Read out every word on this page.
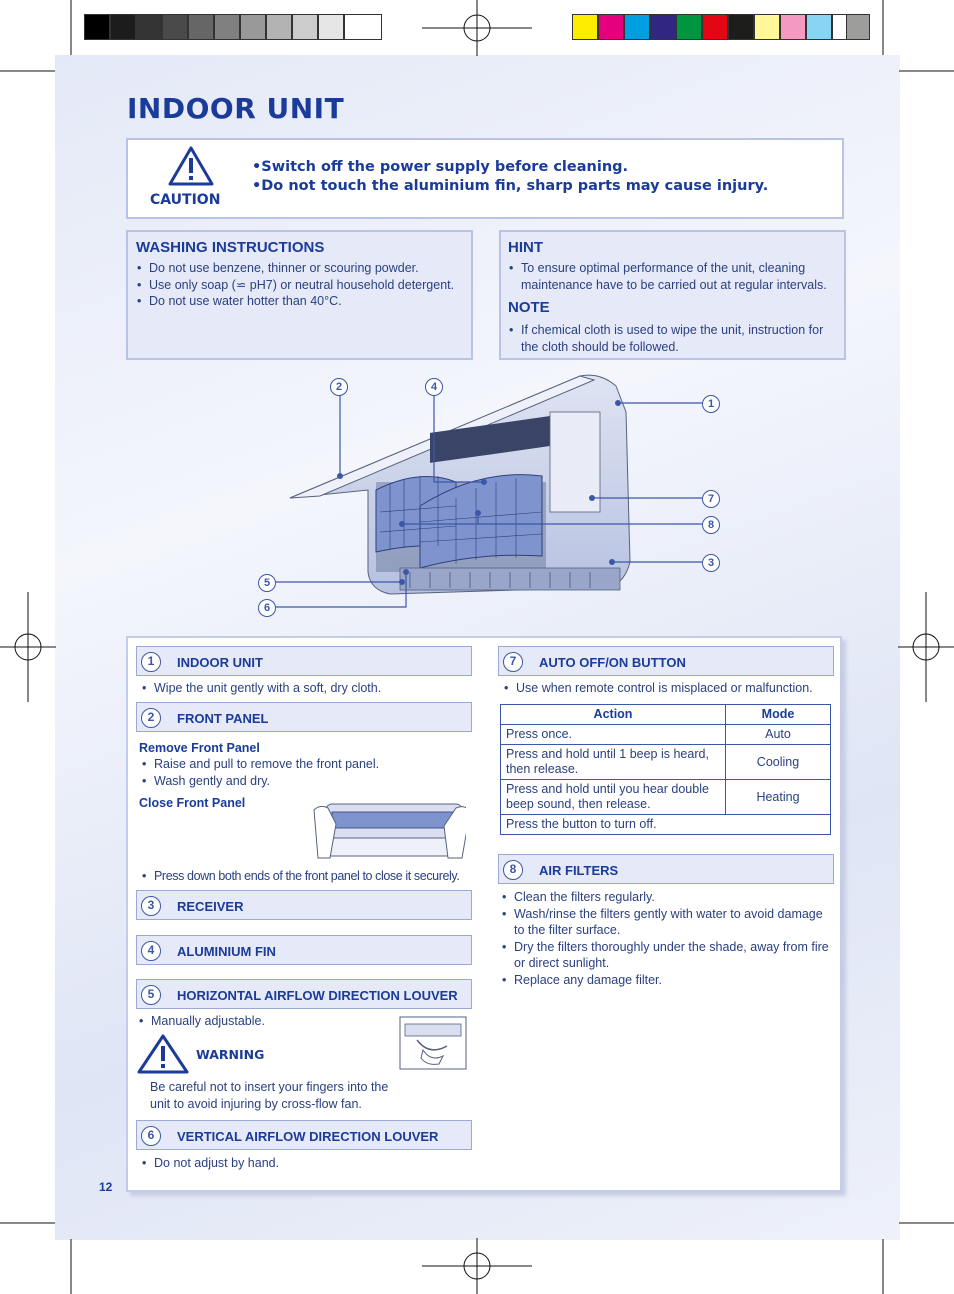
INDOOR UNIT
CAUTION
•Switch off the power supply before cleaning.
•Do not touch the aluminium fin, sharp parts may cause injury.
WASHING INSTRUCTIONS
• Do not use benzene, thinner or scouring powder.
• Use only soap (⋍ pH7) or neutral household detergent.
• Do not use water hotter than 40°C.
HINT
• To ensure optimal performance of the unit, cleaning maintenance have to be carried out at regular intervals.
NOTE
• If chemical cloth is used to wipe the unit, instruction for the cloth should be followed.
2	4
1
7
8
3
5
6
1	INDOOR UNIT
• Wipe the unit gently with a soft, dry cloth.
2	FRONT PANEL
Remove Front Panel
• Raise and pull to remove the front panel.
• Wash gently and dry.
Close Front Panel
• Press down both ends of the front panel to close it securely.
3	RECEIVER
4	ALUMINIUM FIN
5	HORIZONTAL AIRFLOW DIRECTION LOUVER
• Manually adjustable.
WARNING
Be careful not to insert your fingers into the unit to avoid injuring by cross-flow fan.
6	VERTICAL AIRFLOW DIRECTION LOUVER
• Do not adjust by hand.
7	AUTO OFF/ON BUTTON
• Use when remote control is misplaced or malfunction.
Action	Mode
Press once.	Auto
Press and hold until 1 beep is heard, then release.	Cooling
Press and hold until you hear double beep sound, then release.	Heating
Press the button to turn off.	
8	AIR FILTERS
• Clean the filters regularly.
• Wash/rinse the filters gently with water to avoid damage to the filter surface.
• Dry the filters thoroughly under the shade, away from fire or direct sunlight.
• Replace any damage filter.
12
